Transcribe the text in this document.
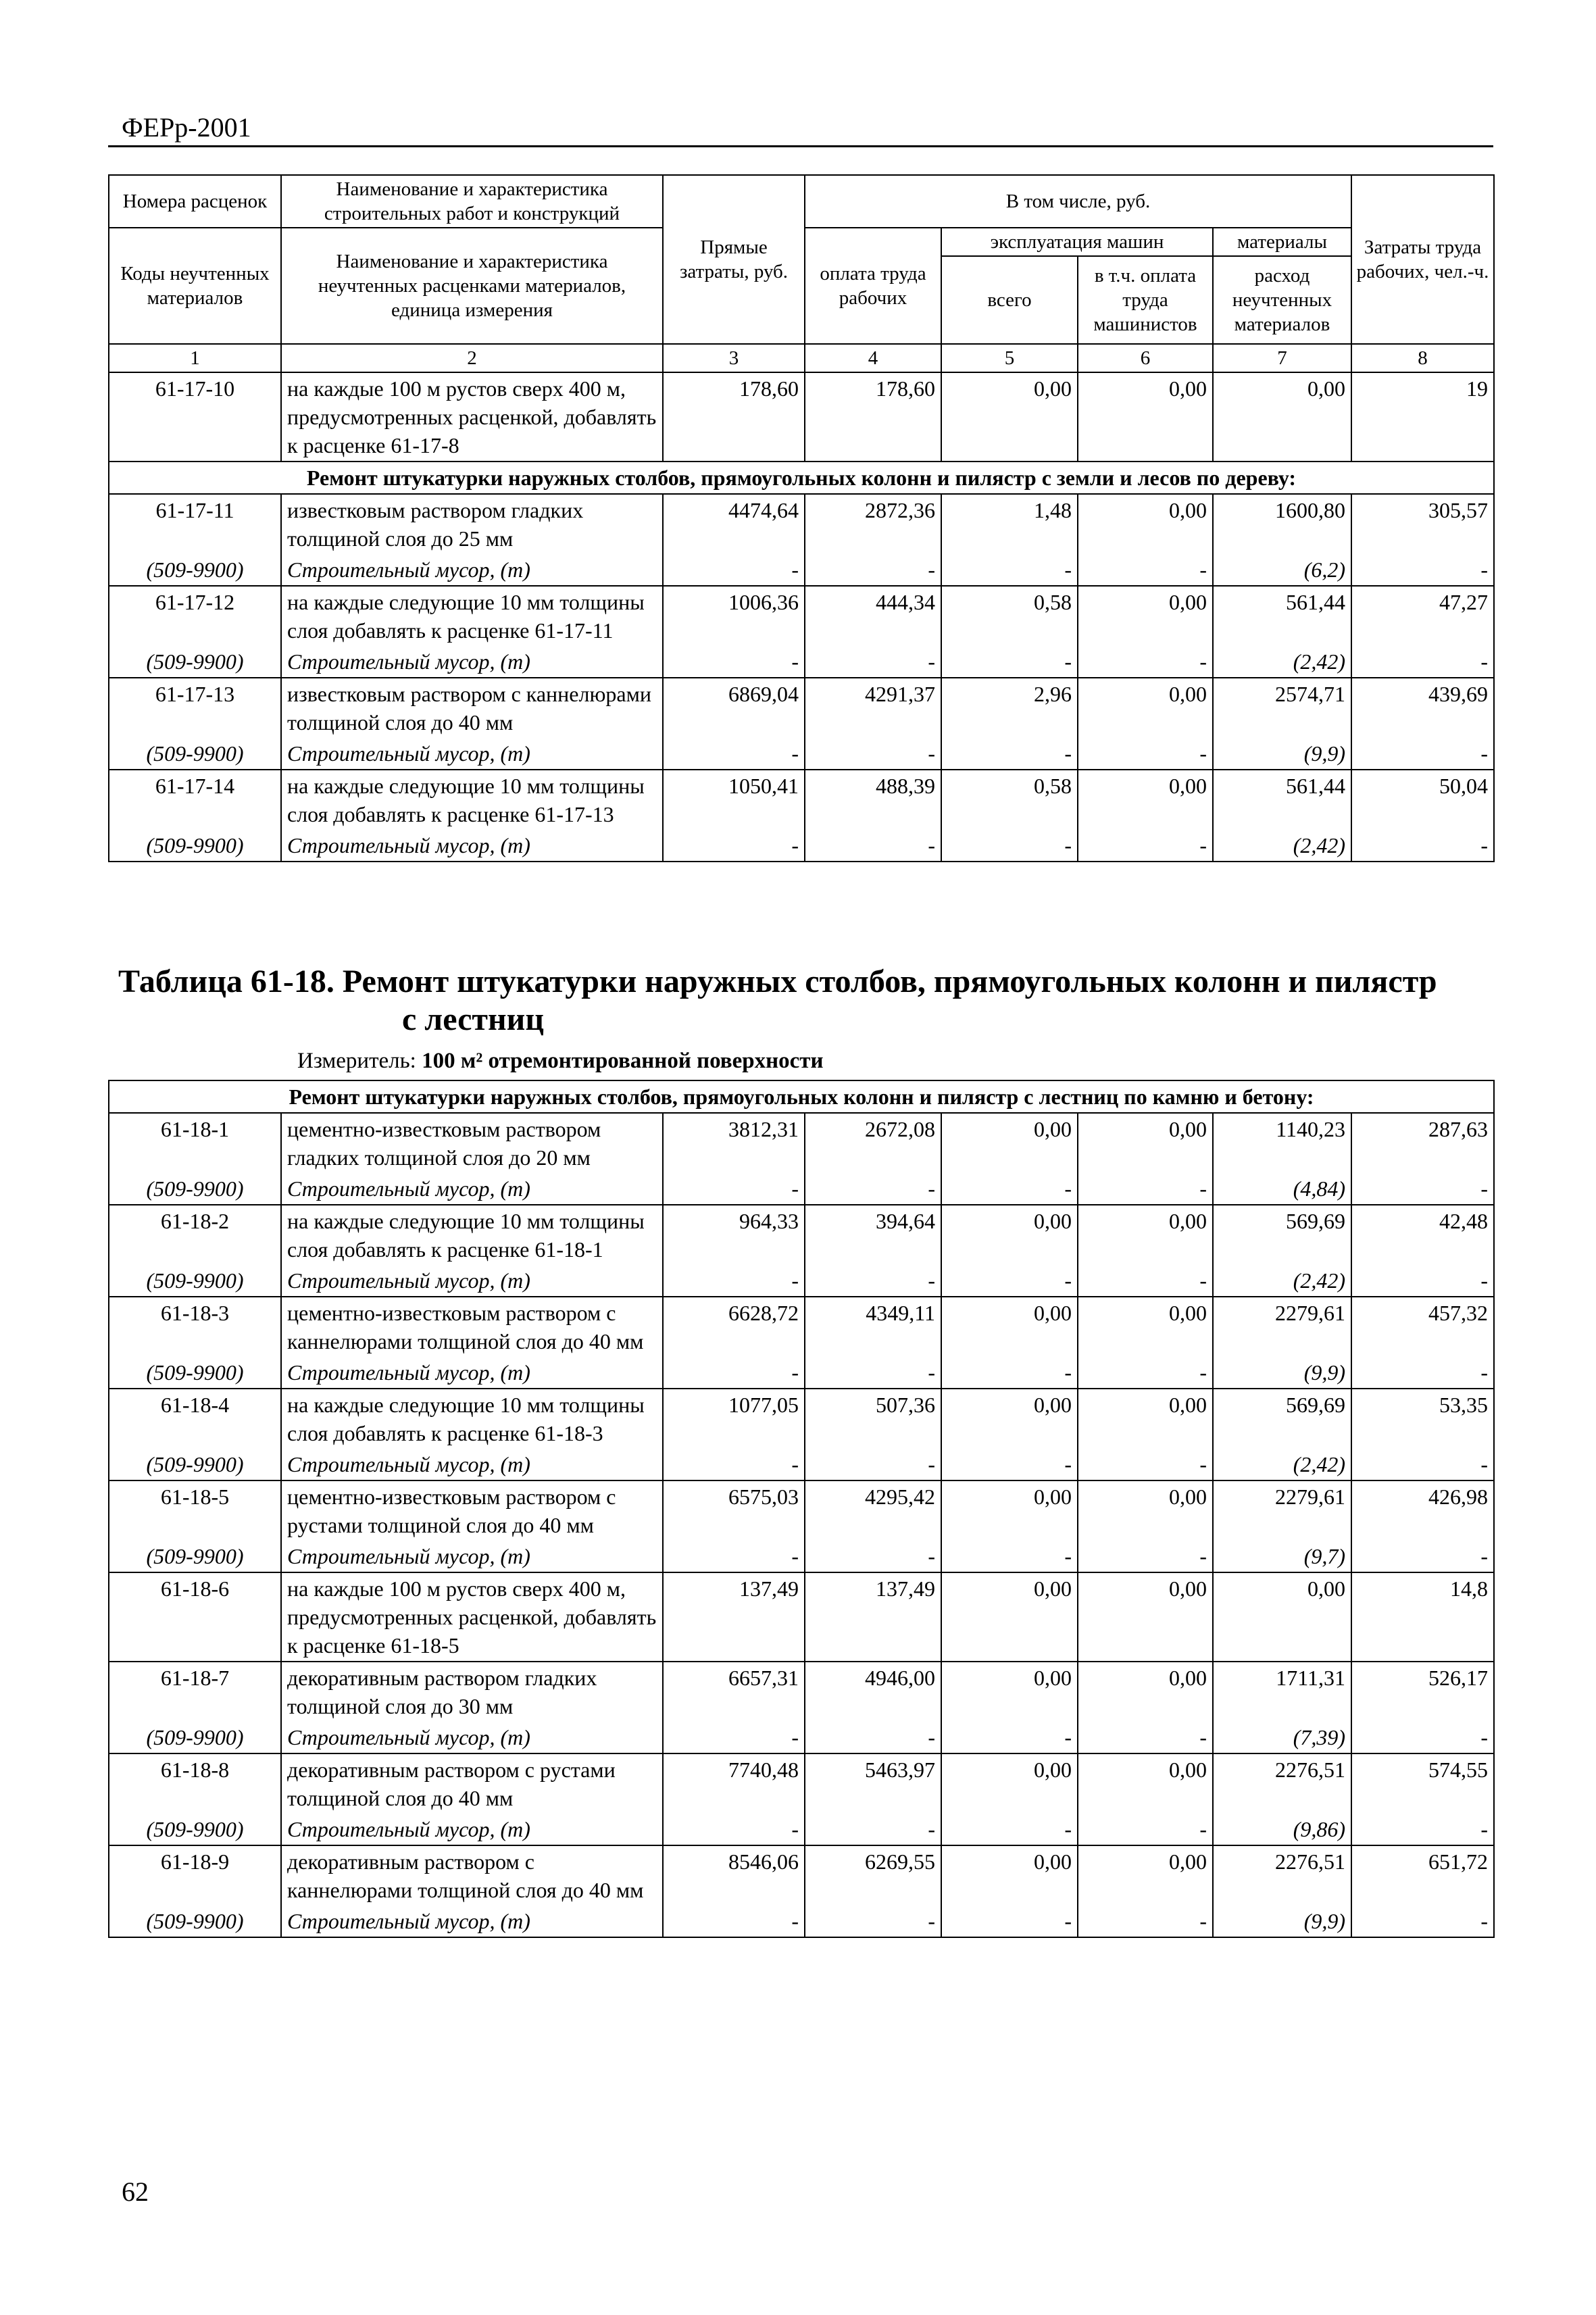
ФЕРр-2001
Номера расценок	Наименование и характеристика строительных работ и конструкций	Прямые затраты, руб.	В том числе, руб.				Затраты труда рабочих, чел.-ч.
Коды неучтенных материалов	Наименование и характеристика неучтенных расценками материалов, единица измерения		оплата труда рабочих	эксплуатация машин		материалы	
				всего	в т.ч. оплата труда машинистов	расход неучтенных материалов	
1	2	3	4	5	6	7	8

61-17-10	на каждые 100 м рустов сверх 400 м, предусмотренных расценкой, добавлять к расценке 61-17-8	178,60	178,60	0,00	0,00	0,00	19
Ремонт штукатурки наружных столбов, прямоугольных колонн и пилястр с земли и лесов по дереву:							

61-17-11	известковым раствором гладких толщиной слоя до 25 мм	4474,64	2872,36	1,48	0,00	1600,80	305,57

(509-9900)	Строительный мусор, (т)	-	-	-	-	(6,2)	-

61-17-12	на каждые следующие 10 мм толщины слоя добавлять к расценке 61-17-11	1006,36	444,34	0,58	0,00	561,44	47,27

(509-9900)	Строительный мусор, (т)	-	-	-	-	(2,42)	-

61-17-13	известковым раствором с каннелюрами толщиной слоя до 40 мм	6869,04	4291,37	2,96	0,00	2574,71	439,69

(509-9900)	Строительный мусор, (т)	-	-	-	-	(9,9)	-

61-17-14	на каждые следующие 10 мм толщины слоя добавлять к расценке 61-17-13	1050,41	488,39	0,58	0,00	561,44	50,04

(509-9900)	Строительный мусор, (т)	-	-	-	-	(2,42)	-
Таблица 61-18. Ремонт штукатурки наружных столбов, прямоугольных колонн и пилястр
с лестниц
Измеритель: 100 м² отремонтированной поверхности
Ремонт штукатурки наружных столбов, прямоугольных колонн и пилястр с лестниц по камню и бетону:							

61-18-1	цементно-известковым раствором гладких толщиной слоя до 20 мм	3812,31	2672,08	0,00	0,00	1140,23	287,63

(509-9900)	Строительный мусор, (т)	-	-	-	-	(4,84)	-

61-18-2	на каждые следующие 10 мм толщины слоя добавлять к расценке 61-18-1	964,33	394,64	0,00	0,00	569,69	42,48

(509-9900)	Строительный мусор, (т)	-	-	-	-	(2,42)	-

61-18-3	цементно-известковым раствором с каннелюрами толщиной слоя до 40 мм	6628,72	4349,11	0,00	0,00	2279,61	457,32

(509-9900)	Строительный мусор, (т)	-	-	-	-	(9,9)	-

61-18-4	на каждые следующие 10 мм толщины слоя добавлять к расценке 61-18-3	1077,05	507,36	0,00	0,00	569,69	53,35

(509-9900)	Строительный мусор, (т)	-	-	-	-	(2,42)	-

61-18-5	цементно-известковым раствором с рустами толщиной слоя до 40 мм	6575,03	4295,42	0,00	0,00	2279,61	426,98

(509-9900)	Строительный мусор, (т)	-	-	-	-	(9,7)	-

61-18-6	на каждые 100 м рустов сверх 400 м, предусмотренных расценкой, добавлять к расценке 61-18-5	137,49	137,49	0,00	0,00	0,00	14,8

61-18-7	декоративным раствором гладких толщиной слоя до 30 мм	6657,31	4946,00	0,00	0,00	1711,31	526,17

(509-9900)	Строительный мусор, (т)	-	-	-	-	(7,39)	-

61-18-8	декоративным раствором с рустами толщиной слоя до 40 мм	7740,48	5463,97	0,00	0,00	2276,51	574,55

(509-9900)	Строительный мусор, (т)	-	-	-	-	(9,86)	-

61-18-9	декоративным раствором с каннелюрами толщиной слоя до 40 мм	8546,06	6269,55	0,00	0,00	2276,51	651,72

(509-9900)	Строительный мусор, (т)	-	-	-	-	(9,9)	-
62
